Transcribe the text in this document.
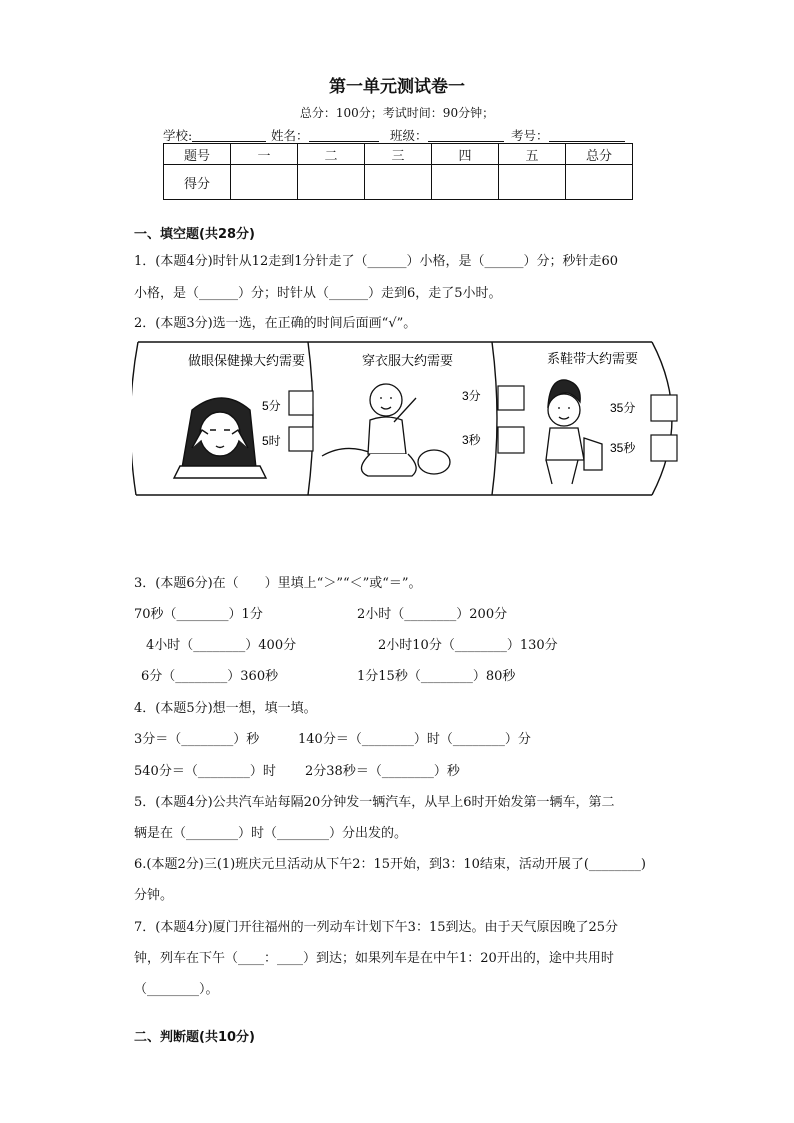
第一单元测试卷一
总分：100分；考试时间：90分钟；
学校:	姓名：	班级：	考号：
题号	一	二	三	四	五	总分
得分						
一、填空题(共28分)
1．(本题4分)时针从12走到1分针走了（______）小格，是（______）分；秒针走60
小格，是（______）分；时针从（______）走到6，走了5小时。
2．(本题3分)选一选，在正确的时间后面画“√”。
做眼保健操大约需要
5分
5时
穿衣服大约需要
3分
3秒
系鞋带大约需要
35分
35秒
3．(本题6分)在（　　）里填上“＞”“＜”或“＝”。
70秒（________）1分	2小时（________）200分
4小时（________）400分	2小时10分（________）130分
6分（________）360秒	1分15秒（________）80秒
4．(本题5分)想一想，填一填。
3分＝（________）秒	140分＝（________）时（________）分
540分＝（________）时 2分38秒＝（________）秒
5．(本题4分)公共汽车站每隔20分钟发一辆汽车，从早上6时开始发第一辆车，第二
辆是在（________）时（________）分出发的。
6.(本题2分)三(1)班庆元旦活动从下午2：15开始，到3：10结束，活动开展了(________)
分钟。
7．(本题4分)厦门开往福州的一列动车计划下午3：15到达。由于天气原因晚了25分
钟，列车在下午（____：____）到达；如果列车是在中午1：20开出的，途中共用时
（________）。
二、判断题(共10分)
